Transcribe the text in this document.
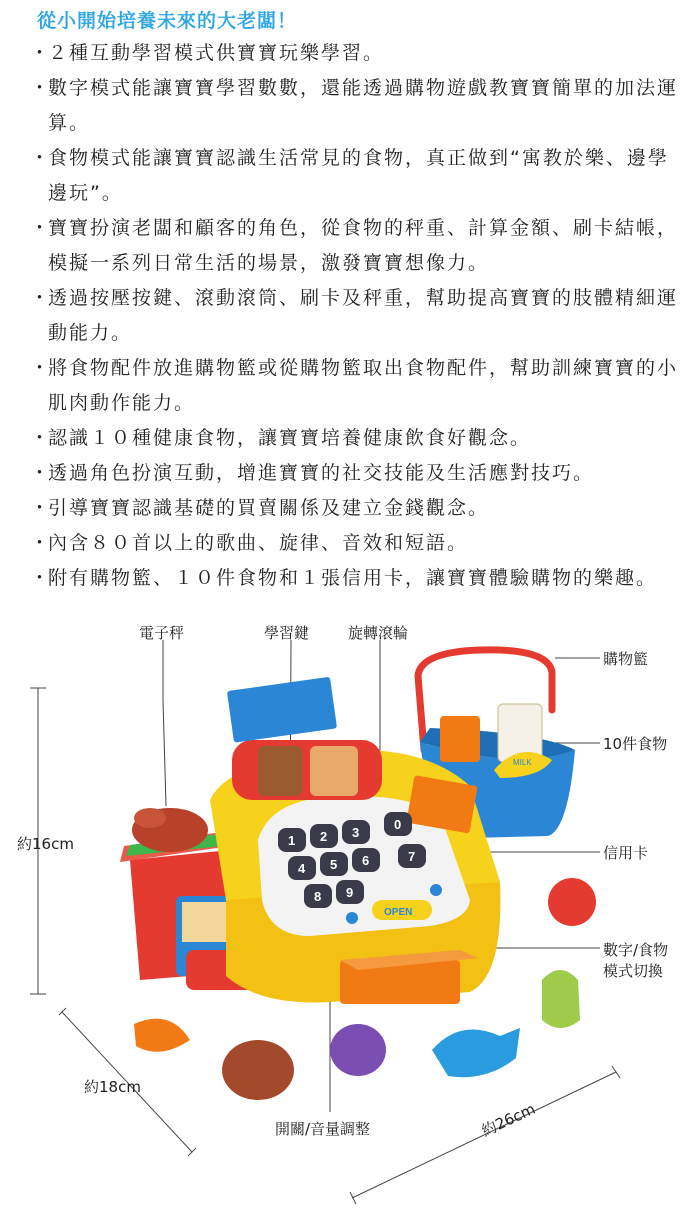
從小開始培養未來的大老闆！
・
２種互動學習模式供寶寶玩樂學習。
・
數字模式能讓寶寶學習數數，還能透過購物遊戲教寶寶簡單的加法運算。
・
食物模式能讓寶寶認識生活常見的食物，真正做到“寓教於樂、邊學邊玩”。
・
寶寶扮演老闆和顧客的角色，從食物的秤重、計算金額、刷卡結帳，模擬一系列日常生活的場景，激發寶寶想像力。
・
透過按壓按鍵、滾動滾筒、刷卡及秤重，幫助提高寶寶的肢體精細運動能力。
・
將食物配件放進購物籃或從購物籃取出食物配件，幫助訓練寶寶的小肌肉動作能力。
・
認識１０種健康食物，讓寶寶培養健康飲食好觀念。
・
透過角色扮演互動，增進寶寶的社交技能及生活應對技巧。
・
引導寶寶認識基礎的買賣關係及建立金錢觀念。
・
內含８０首以上的歌曲、旋律、音效和短語。
・
附有購物籃、１０件食物和１張信用卡，讓寶寶體驗購物的樂趣。
MILK
OPEN
1 2 3
4 5 6	7
8 9
0
電子秤	學習鍵	旋轉滾輪
購物籃
10件食物
信用卡
數字/食物
模式切換
開關/音量調整
約16cm
約18cm
約26cm
